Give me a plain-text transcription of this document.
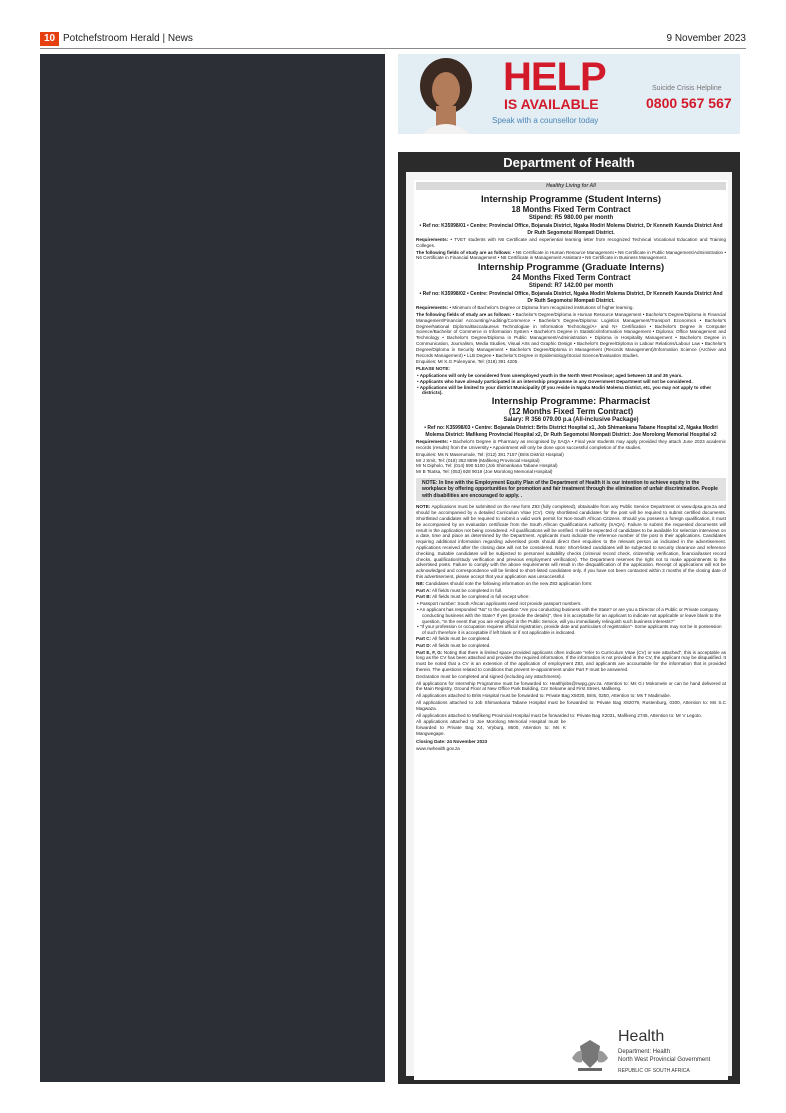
10 Potchefstroom Herald | News	9 November 2023
HELP
IS AVAILABLE
Speak with a counsellor today
Suicide Crisis Helpline
0800 567 567
Department of Health
Healthy Living for All
Internship Programme (Student Interns)
18 Months Fixed Term Contract
Stipend: R5 980.00 per month
• Ref no: K35998/01 • Centre: Provincial Office, Bojanala District, Ngaka Modiri Molema District, Dr Kenneth Kaunda District And Dr Ruth Segomotsi Mompati District.
Requirements: • TVET students with N6 Certificate and experiential learning letter from recognized Technical Vocational Education and Training Colleges.
The following fields of study are as follows: • N6 Certificate in Human Resource Management • N6 Certificate in Public Management/Administration • N6 Certificate in Financial Management • N6 Certificate in Management Assistant • N6 Certificate in Business Management.
Internship Programme (Graduate Interns)
24 Months Fixed Term Contract
Stipend: R7 142.00 per month
• Ref no: K35998/02 • Centre: Provincial Office, Bojanala District, Ngaka Modiri Molema District, Dr Kenneth Kaunda District And Dr Ruth Segomotsi Mompati District.
Requirements: • Minimum of Bachelor's Degree or Diploma from recognized institutions of higher learning.
The following fields of study are as follows: • Bachelor's Degree/Diploma in Human Resource Management • Bachelor's Degree/Diploma in Financial Management/Financial Accounting/Auditing/Commerce • Bachelor's Degree/Diploma: Logistics Management/Transport Economics • Bachelor's Degree/National Diploma/Baccalaureus Technologiae in Information Technology/A+ and N+ Certification • Bachelor's Degree in Computer Science/Bachelor of Commerce in Information System • Bachelor's Degree in Statistics/Information Management • Diploma: Office Management and Technology • Bachelor's Degree/Diploma in Public Management/Administration • Diploma in Hospitality Management • Bachelor's Degree in Communication, Journalism, Media Studies, Visual Arts and Graphic Design • Bachelor's Degree/Diploma in Labour Relations/Labour Law • Bachelor's Degree/Diploma in Security Management • Bachelor's Degree/Diploma in Management (Records Management)/Information Science (Archive and Records Management) • LLB Degree • Bachelor's Degree in Epidemiology/Social Science/Evaluation Studies.
Enquiries: Mr K.G Pulenyane, Tel: (018) 391 4205
PLEASE NOTE:
• Applications will only be considered from unemployed youth in the North West Province; aged between 18 and 35 years.
• Applicants who have already participated in an internship programme in any Government Department will not be considered.
• Applications will be limited to your district Municipality (If you reside in Ngaka Modiri Molema District, etc, you may not apply to other districts).
Internship Programme: Pharmacist
(12 Months Fixed Term Contract)
Salary: R 356 079.00 p.a (All-inclusive Package)
• Ref no: K35998/03 • Centre: Bojanala District: Brits District Hospital x1, Job Shimankana Tabane Hospital x2, Ngaka Modiri Molema District: Mafikeng Provincial Hospital x2, Dr Ruth Segomotsi Mompati District: Joe Morolong Memorial Hospital x2
Requirements: • Bachelor's Degree in Pharmacy as recognised by SAQA • Final year students may apply provided they attach June 2023 academic records (results) from the University • Appointment will only be done upon successful completion of the studies.
Enquiries: Ms N Maserumule, Tel: (012) 381 7157 (Brits District Hospital)
Mr J Smit, Tel: (018) 363 8599 (Mafikeng Provincial Hospital)
Mr N Dipholo, Tel: (014) 590 5100 (Job Shimankana Tabane Hospital)
Mr B Tsatsa, Tel: (053) 928 9019 (Joe Morolong Memorial Hospital)
NOTE: In line with the Employment Equity Plan of the Department of Health it is our intention to achieve equity in the workplace by offering opportunities for promotion and fair treatment through the elimination of unfair discrimination. People with disabilities are encouraged to apply. .
NOTE: Applications must be submitted on the new form Z83 (fully completed), obtainable from any Public Service Department or www.dpsa.gov.za and should be accompanied by a detailed Curriculum Vitae (CV). Only shortlisted candidates for the post will be required to submit certified documents. Shortlisted candidates will be required to submit a valid work permit for Non-South African Citizens. Should you possess a foreign qualification, it must be accompanied by an evaluation certificate from the South African Qualifications Authority (SAQA). Failure to submit the requested documents will result in the application not being considered. All qualifications will be verified. It will be expected of candidates to be available for selection interviews on a date, time and place as determined by the Department. Applicants must indicate the reference number of the post in their applications. Candidates requiring additional information regarding advertised posts should direct their enquiries to the relevant person as indicated in the advertisement. Applications received after the closing date will not be considered. Note: Short-listed candidates will be subjected to security clearance and reference checking. Suitable candidates will be subjected to personnel suitability checks (criminal record check, citizenship verification, financial/asset record checks, qualification/study verification and previous employment verification). The Department reserves the right not to make appointments to the advertised posts. Failure to comply with the above requirements will result in the disqualification of the application. Receipt of applications will not be acknowledged and correspondence will be limited to short-listed candidates only. If you have not been contacted within 3 months of the closing date of this advertisement, please accept that your application was unsuccessful.
NB: Candidates should note the following information on the new Z83 application form:
Part A: All fields must be completed in full.
Part B: All fields must be completed in full except when:
• Passport number: South African applicants need not provide passport numbers.
• An applicant has responded "No" to the question "Are you conducting business with the State? or are you a Director of a Public or Private company conducting business with the State? If yes (provide the details)", then it is acceptable for an applicant to indicate not applicable or leave blank to the question, "In the event that you are employed in the Public Service, will you immediately relinquish such business interests?"
• "If your profession or occupation requires official registration, provide date and particulars of registration"- Some applicants may not be in possession of such therefore it is acceptable if left blank or if not applicable is indicated.
Part C: All fields must be completed.
Part D: All fields must be completed.
Part E, F, G: Noting that there is limited space provided applicants often indicate "refer to Curriculum Vitae (CV) or see attached", this is acceptable as long as the CV has been attached and provides the required information. If the information is not provided in the CV, the applicant may be disqualified. It must be noted that a CV is an extension of the application of employment Z83, and applicants are accountable for the information that is provided therein. The questions related to conditions that prevent re-appointment under Part F must be answered.
Declaration must be completed and signed (including any attachments).
All applications for internship Programme must be forwarded to: Healthjobs@nwpg.gov.za. Attention to: Ms G.I Mokomele or can be hand delivered at the Main Registry, Ground Floor at New Office Park Building, Cnr Sekame and First Street, Mafikeng.
All applications attached to Brits Hospital must be forwarded to: Private Bag X5030, Brits, 0250, Attention to: Ms T Madimabe.
All applications attached to Job Shimankana Tabane Hospital must be forwarded to: Private Bag X82079, Rustenburg, 0300, Attention to: Ms S.C Magwaza.
All applications attached to Mafikeng Provincial Hospital must be forwarded to: Private Bag X2031, Mafikeng 2745, Attention to: Mr V Legoto.
All applications attached to Joe Morolong Memorial Hospital must be forwarded to Private Bag X4, Vryburg, 8600, Attention to: Ms K Mangwegape.
Closing Date: 24 November 2023
www.nwhealth.gov.za
Health
Department: Health
North West Provincial Government
REPUBLIC OF SOUTH AFRICA
